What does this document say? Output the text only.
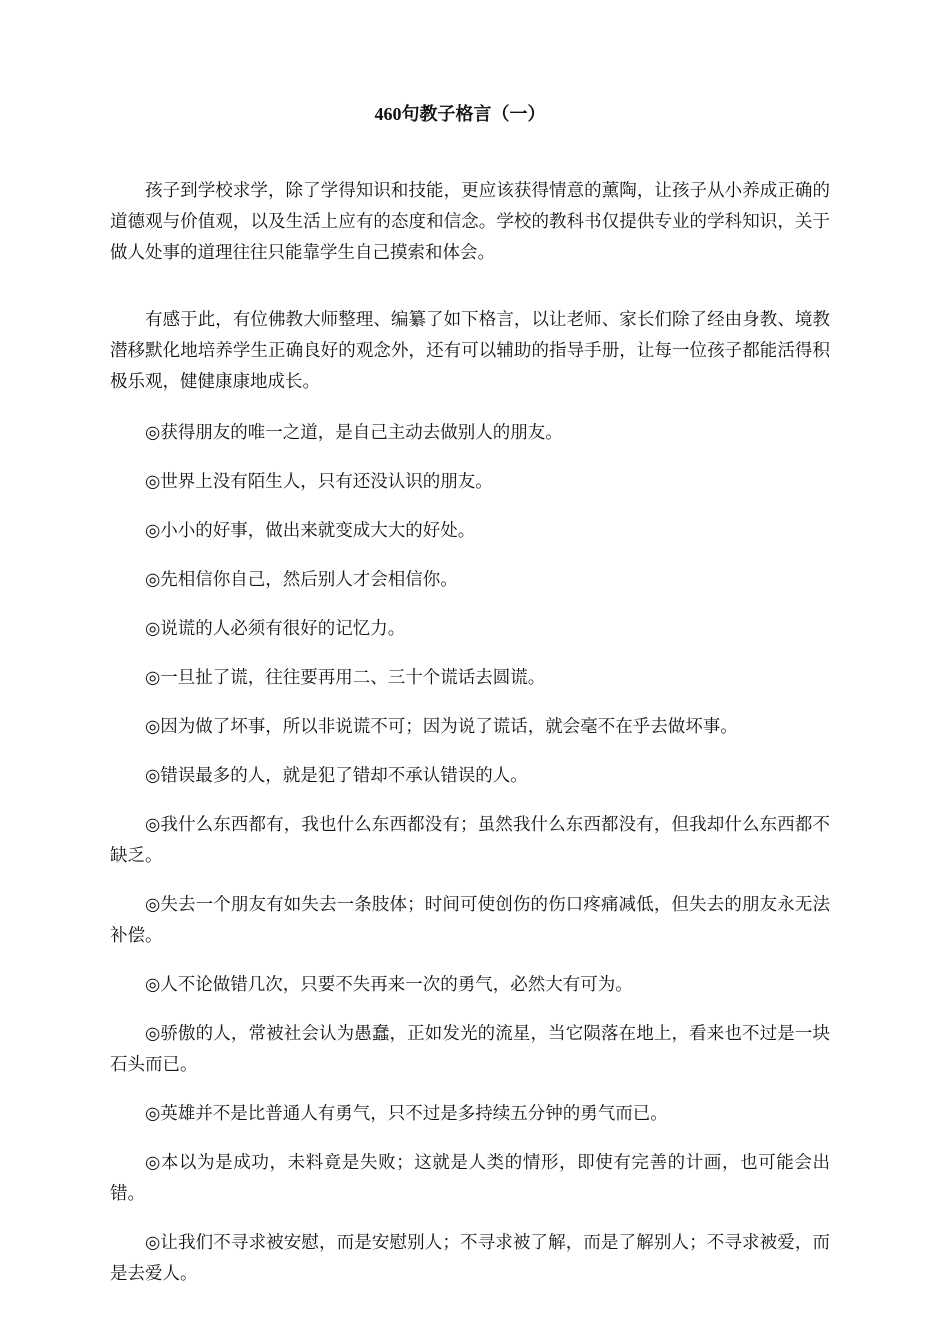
460句教子格言（一）

孩子到学校求学，除了学得知识和技能，更应该获得情意的薰陶，让孩子从小养成正确的道德观与价值观，以及生活上应有的态度和信念。学校的教科书仅提供专业的学科知识，关于做人处事的道理往往只能靠学生自己摸索和体会。

有感于此，有位佛教大师整理、编纂了如下格言，以让老师、家长们除了经由身教、境教潜移默化地培养学生正确良好的观念外，还有可以辅助的指导手册，让每一位孩子都能活得积极乐观，健健康康地成长。

◎获得朋友的唯一之道，是自己主动去做别人的朋友。

◎世界上没有陌生人，只有还没认识的朋友。

◎小小的好事，做出来就变成大大的好处。

◎先相信你自己，然后别人才会相信你。

◎说谎的人必须有很好的记忆力。

◎一旦扯了谎，往往要再用二、三十个谎话去圆谎。

◎因为做了坏事，所以非说谎不可；因为说了谎话，就会毫不在乎去做坏事。

◎错误最多的人，就是犯了错却不承认错误的人。

◎我什么东西都有，我也什么东西都没有；虽然我什么东西都没有，但我却什么东西都不缺乏。

◎失去一个朋友有如失去一条肢体；时间可使创伤的伤口疼痛减低，但失去的朋友永无法补偿。

◎人不论做错几次，只要不失再来一次的勇气，必然大有可为。

◎骄傲的人，常被社会认为愚蠢，正如发光的流星，当它陨落在地上，看来也不过是一块石头而已。

◎英雄并不是比普通人有勇气，只不过是多持续五分钟的勇气而已。

◎本以为是成功，未料竟是失败；这就是人类的情形，即使有完善的计画，也可能会出错。

◎让我们不寻求被安慰，而是安慰别人；不寻求被了解，而是了解别人；不寻求被爱，而是去爱人。
